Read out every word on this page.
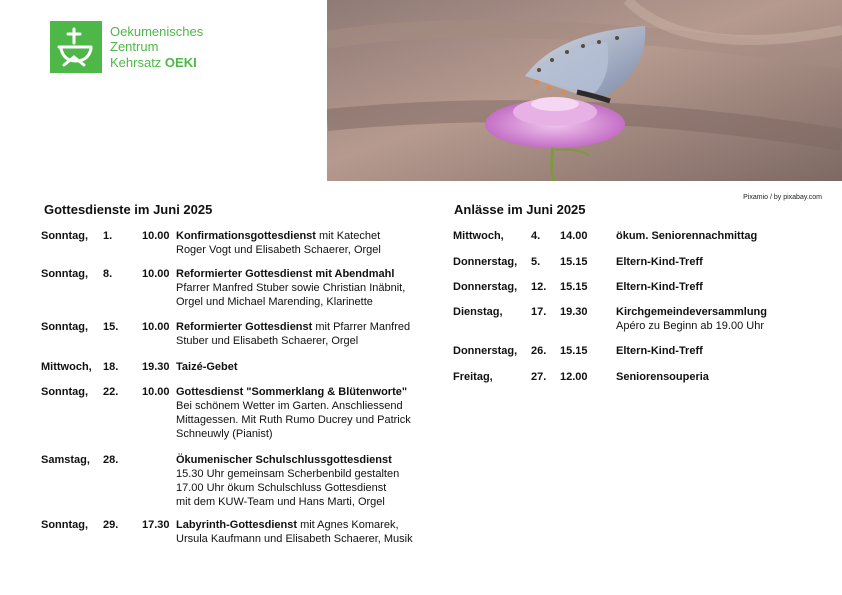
Oekumenisches
Zentrum
Kehrsatz OEKI
Pixamio / by pixabay.com
Gottesdienste im Juni 2025	Anlässe im Juni 2025
Sonntag, 1.	10.00 Konfirmationsgottesdienst mit Katechet
Roger Vogt und Elisabeth Schaerer, Orgel
Sonntag, 8.	10.00 Reformierter Gottesdienst mit Abendmahl
Pfarrer Manfred Stuber sowie Christian Inäbnit,
Orgel und Michael Marending, Klarinette
Sonntag, 15. 10.00 Reformierter Gottesdienst mit Pfarrer Manfred
Stuber und Elisabeth Schaerer, Orgel
Mittwoch, 18. 19.30 Taizé-Gebet
Sonntag, 22. 10.00 Gottesdienst "Sommerklang & Blütenworte"
Bei schönem Wetter im Garten. Anschliessend
Mittagessen. Mit Ruth Rumo Ducrey und Patrick
Schneuwly (Pianist)
Samstag, 28.	Ökumenischer Schulschlussgottesdienst
15.30 Uhr gemeinsam Scherbenbild gestalten
17.00 Uhr ökum Schulschluss Gottesdienst
mit dem KUW-Team und Hans Marti, Orgel
Sonntag, 29. 17.30 Labyrinth-Gottesdienst mit Agnes Komarek,
Ursula Kaufmann und Elisabeth Schaerer, Musik
Mittwoch, 4. 14.00	ökum. Seniorennachmittag
Donnerstag, 5. 15.15	Eltern-Kind-Treff
Donnerstag, 12. 15.15	Eltern-Kind-Treff
Dienstag,	17. 19.30	Kirchgemeindeversammlung
Apéro zu Beginn ab 19.00 Uhr
Donnerstag, 26. 15.15	Eltern-Kind-Treff
Freitag,	27. 12.00	Seniorensouperia
